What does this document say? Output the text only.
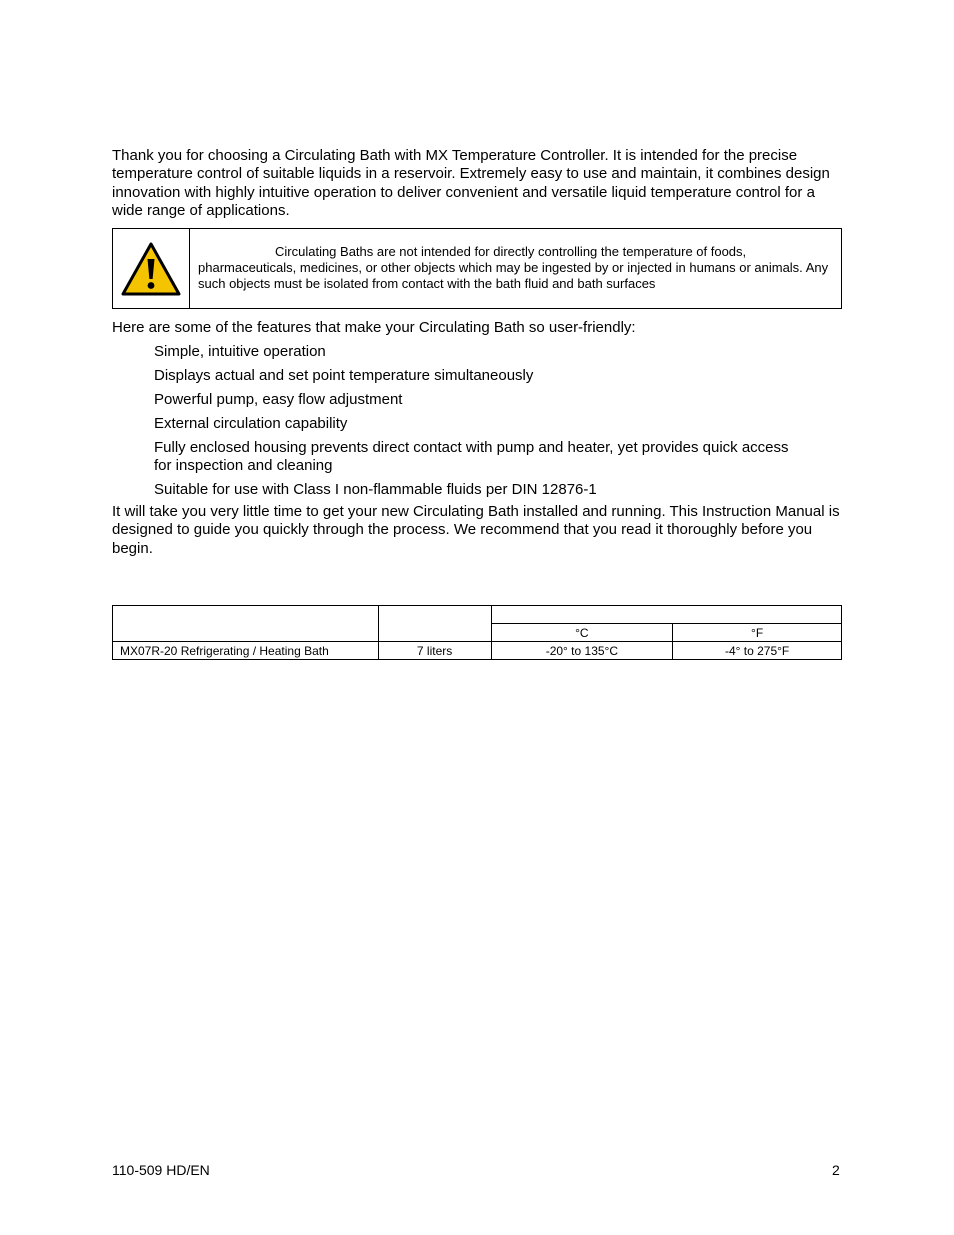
Thank you for choosing a Circulating Bath with MX Temperature Controller. It is intended for the precise temperature control of suitable liquids in a reservoir. Extremely easy to use and maintain, it combines design innovation with highly intuitive operation to deliver convenient and versatile liquid temperature control for a wide range of applications.

Circulating Baths are not intended for directly controlling the temperature of foods, pharmaceuticals, medicines, or other objects which may be ingested by or injected in humans or animals. Any such objects must be isolated from contact with the bath fluid and bath surfaces

Here are some of the features that make your Circulating Bath so user-friendly:

Simple, intuitive operation
Displays actual and set point temperature simultaneously
Powerful pump, easy flow adjustment
External circulation capability
Fully enclosed housing prevents direct contact with pump and heater, yet provides quick access for inspection and cleaning
Suitable for use with Class I non-flammable fluids per DIN 12876-1

It will take you very little time to get your new Circulating Bath installed and running. This Instruction Manual is designed to guide you quickly through the process. We recommend that you read it thoroughly before you begin.

		°C	°F
MX07R-20 Refrigerating / Heating Bath	7 liters	-20° to 135°C	-4° to 275°F
110-509 HD/EN	2
